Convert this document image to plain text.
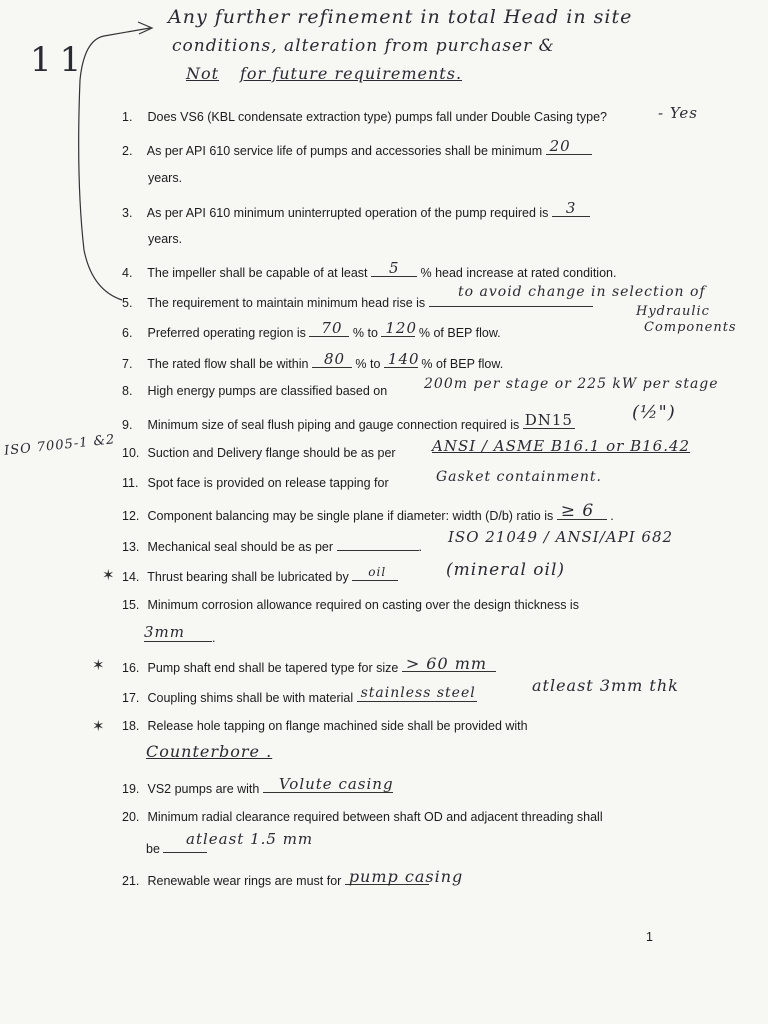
Any further refinement in total Head in site
conditions, alteration from purchaser &
Not for future requirements.
11
1. Does VS6 (KBL condensate extraction type) pumps fall under Double Casing type?	- Yes
2. As per API 610 service life of pumps and accessories shall be minimum 20
years.
3. As per API 610 minimum uninterrupted operation of the pump required is 3
years.
4. The impeller shall be capable of at least 5 % head increase at rated condition.
5. The requirement to maintain minimum head rise is
to avoid change in selection of
Hydraulic
Components
6. Preferred operating region is 70 % to 120 % of BEP flow.
7. The rated flow shall be within 80 % to 140 % of BEP flow.
8. High energy pumps are classified based on	200m per stage or 225 kW per stage
9. Minimum size of seal flush piping and gauge connection required is DN15	(½")
ISO 7005-1 &2 10. Suction and Delivery flange should be as per ANSI / ASME B16.1 or B16.42
11. Spot face is provided on release tapping for	Gasket containment.
12. Component balancing may be single plane if diameter: width (D/b) ratio is ≥ 6 .
13. Mechanical seal should be as per	.
ISO 21049 / ANSI/API 682
✶ 14. Thrust bearing shall be lubricated by oil	(mineral oil)
15. Minimum corrosion allowance required on casting over the design thickness is
3mm .
✶ 16. Pump shaft end shall be tapered type for size > 60 mm
17. Coupling shims shall be with material stainless steel	atleast 3mm thk
✶ 18. Release hole tapping on flange machined side shall be provided with
Counterbore .
19. VS2 pumps are with Volute casing
20. Minimum radial clearance required between shaft OD and adjacent threading shall
be
atleast 1.5 mm
21. Renewable wear rings are must for pump casing
1
